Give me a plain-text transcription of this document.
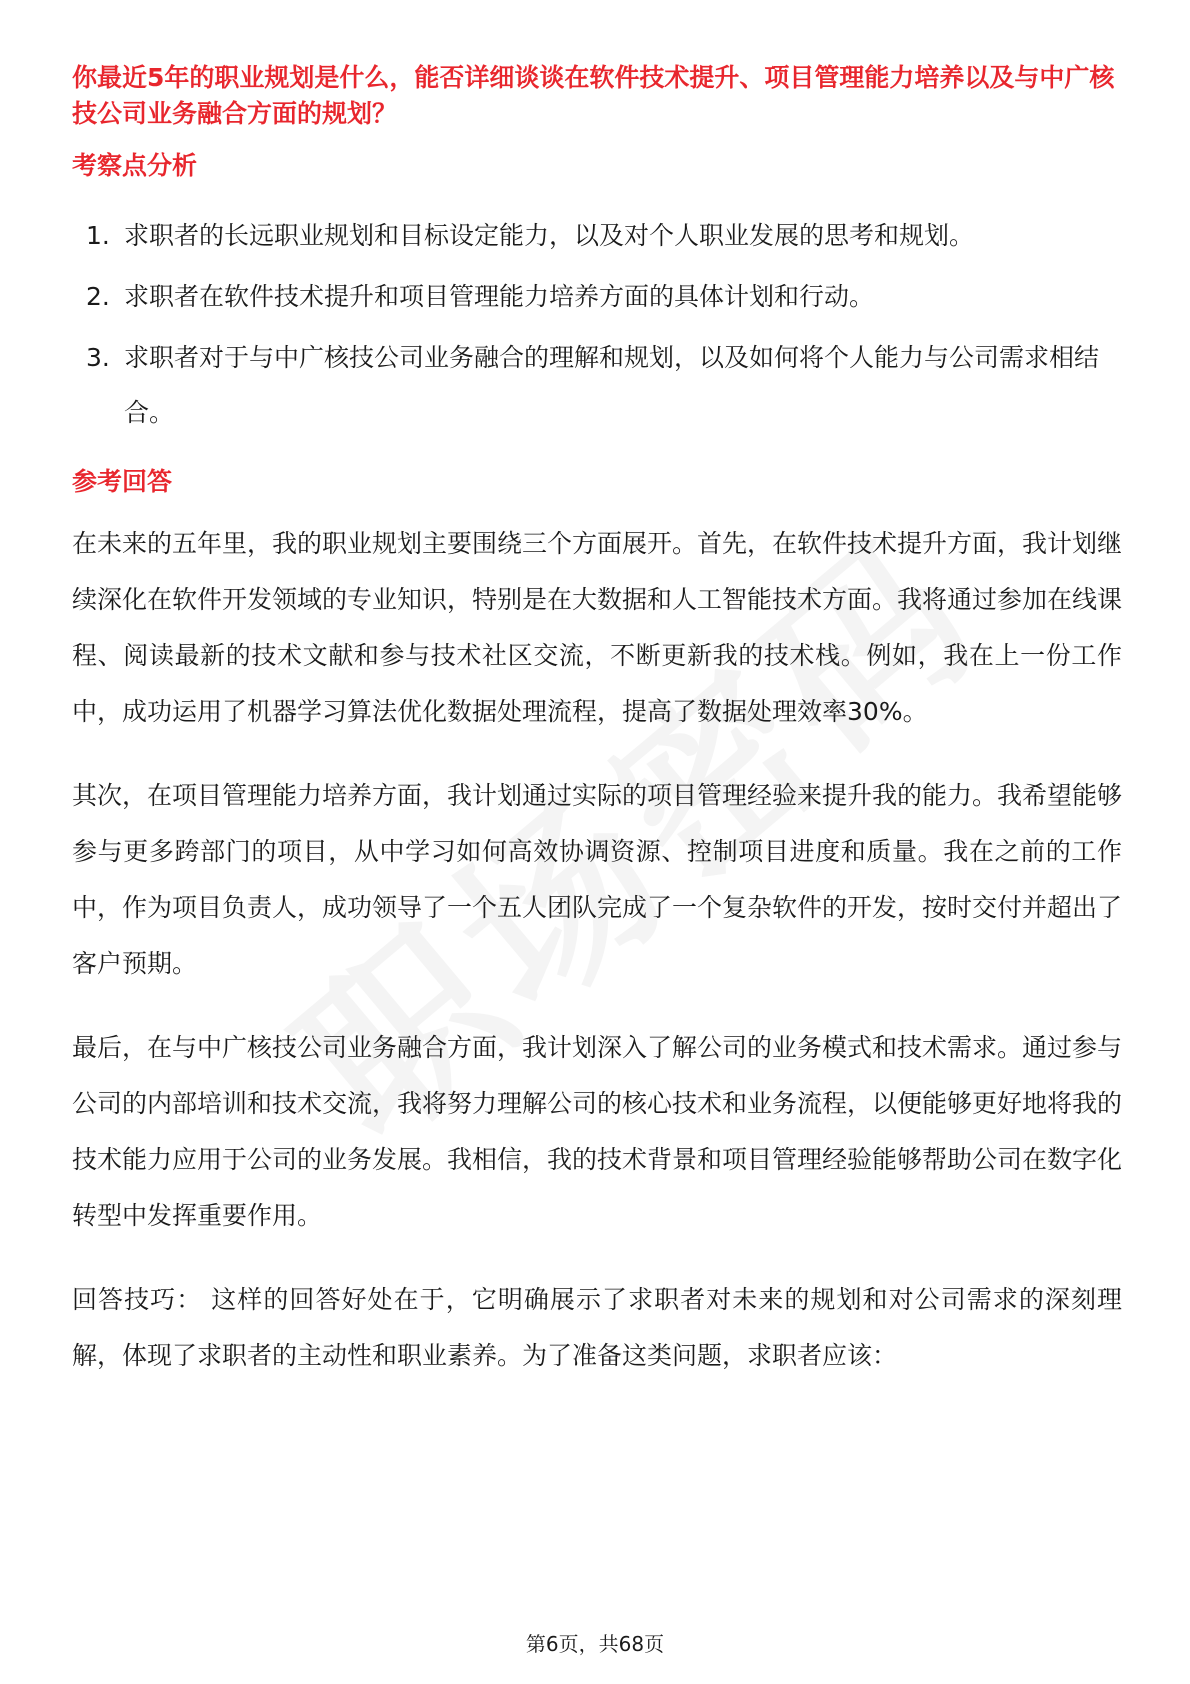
你最近5年的职业规划是什么，能否详细谈谈在软件技术提升、项目管理能力培养以及与中广核技公司业务融合方面的规划？

考察点分析

1. 求职者的长远职业规划和目标设定能力，以及对个人职业发展的思考和规划。
2. 求职者在软件技术提升和项目管理能力培养方面的具体计划和行动。
3. 求职者对于与中广核技公司业务融合的理解和规划，以及如何将个人能力与公司需求相结合。

参考回答

在未来的五年里，我的职业规划主要围绕三个方面展开。首先，在软件技术提升方面，我计划继续深化在软件开发领域的专业知识，特别是在大数据和人工智能技术方面。我将通过参加在线课程、阅读最新的技术文献和参与技术社区交流，不断更新我的技术栈。例如，我在上一份工作中，成功运用了机器学习算法优化数据处理流程，提高了数据处理效率30%。

其次，在项目管理能力培养方面，我计划通过实际的项目管理经验来提升我的能力。我希望能够参与更多跨部门的项目，从中学习如何高效协调资源、控制项目进度和质量。我在之前的工作中，作为项目负责人，成功领导了一个五人团队完成了一个复杂软件的开发，按时交付并超出了客户预期。

最后，在与中广核技公司业务融合方面，我计划深入了解公司的业务模式和技术需求。通过参与公司的内部培训和技术交流，我将努力理解公司的核心技术和业务流程，以便能够更好地将我的技术能力应用于公司的业务发展。我相信，我的技术背景和项目管理经验能够帮助公司在数字化转型中发挥重要作用。

回答技巧： 这样的回答好处在于，它明确展示了求职者对未来的规划和对公司需求的深刻理解，体现了求职者的主动性和职业素养。为了准备这类问题，求职者应该：

第6页，共68页
